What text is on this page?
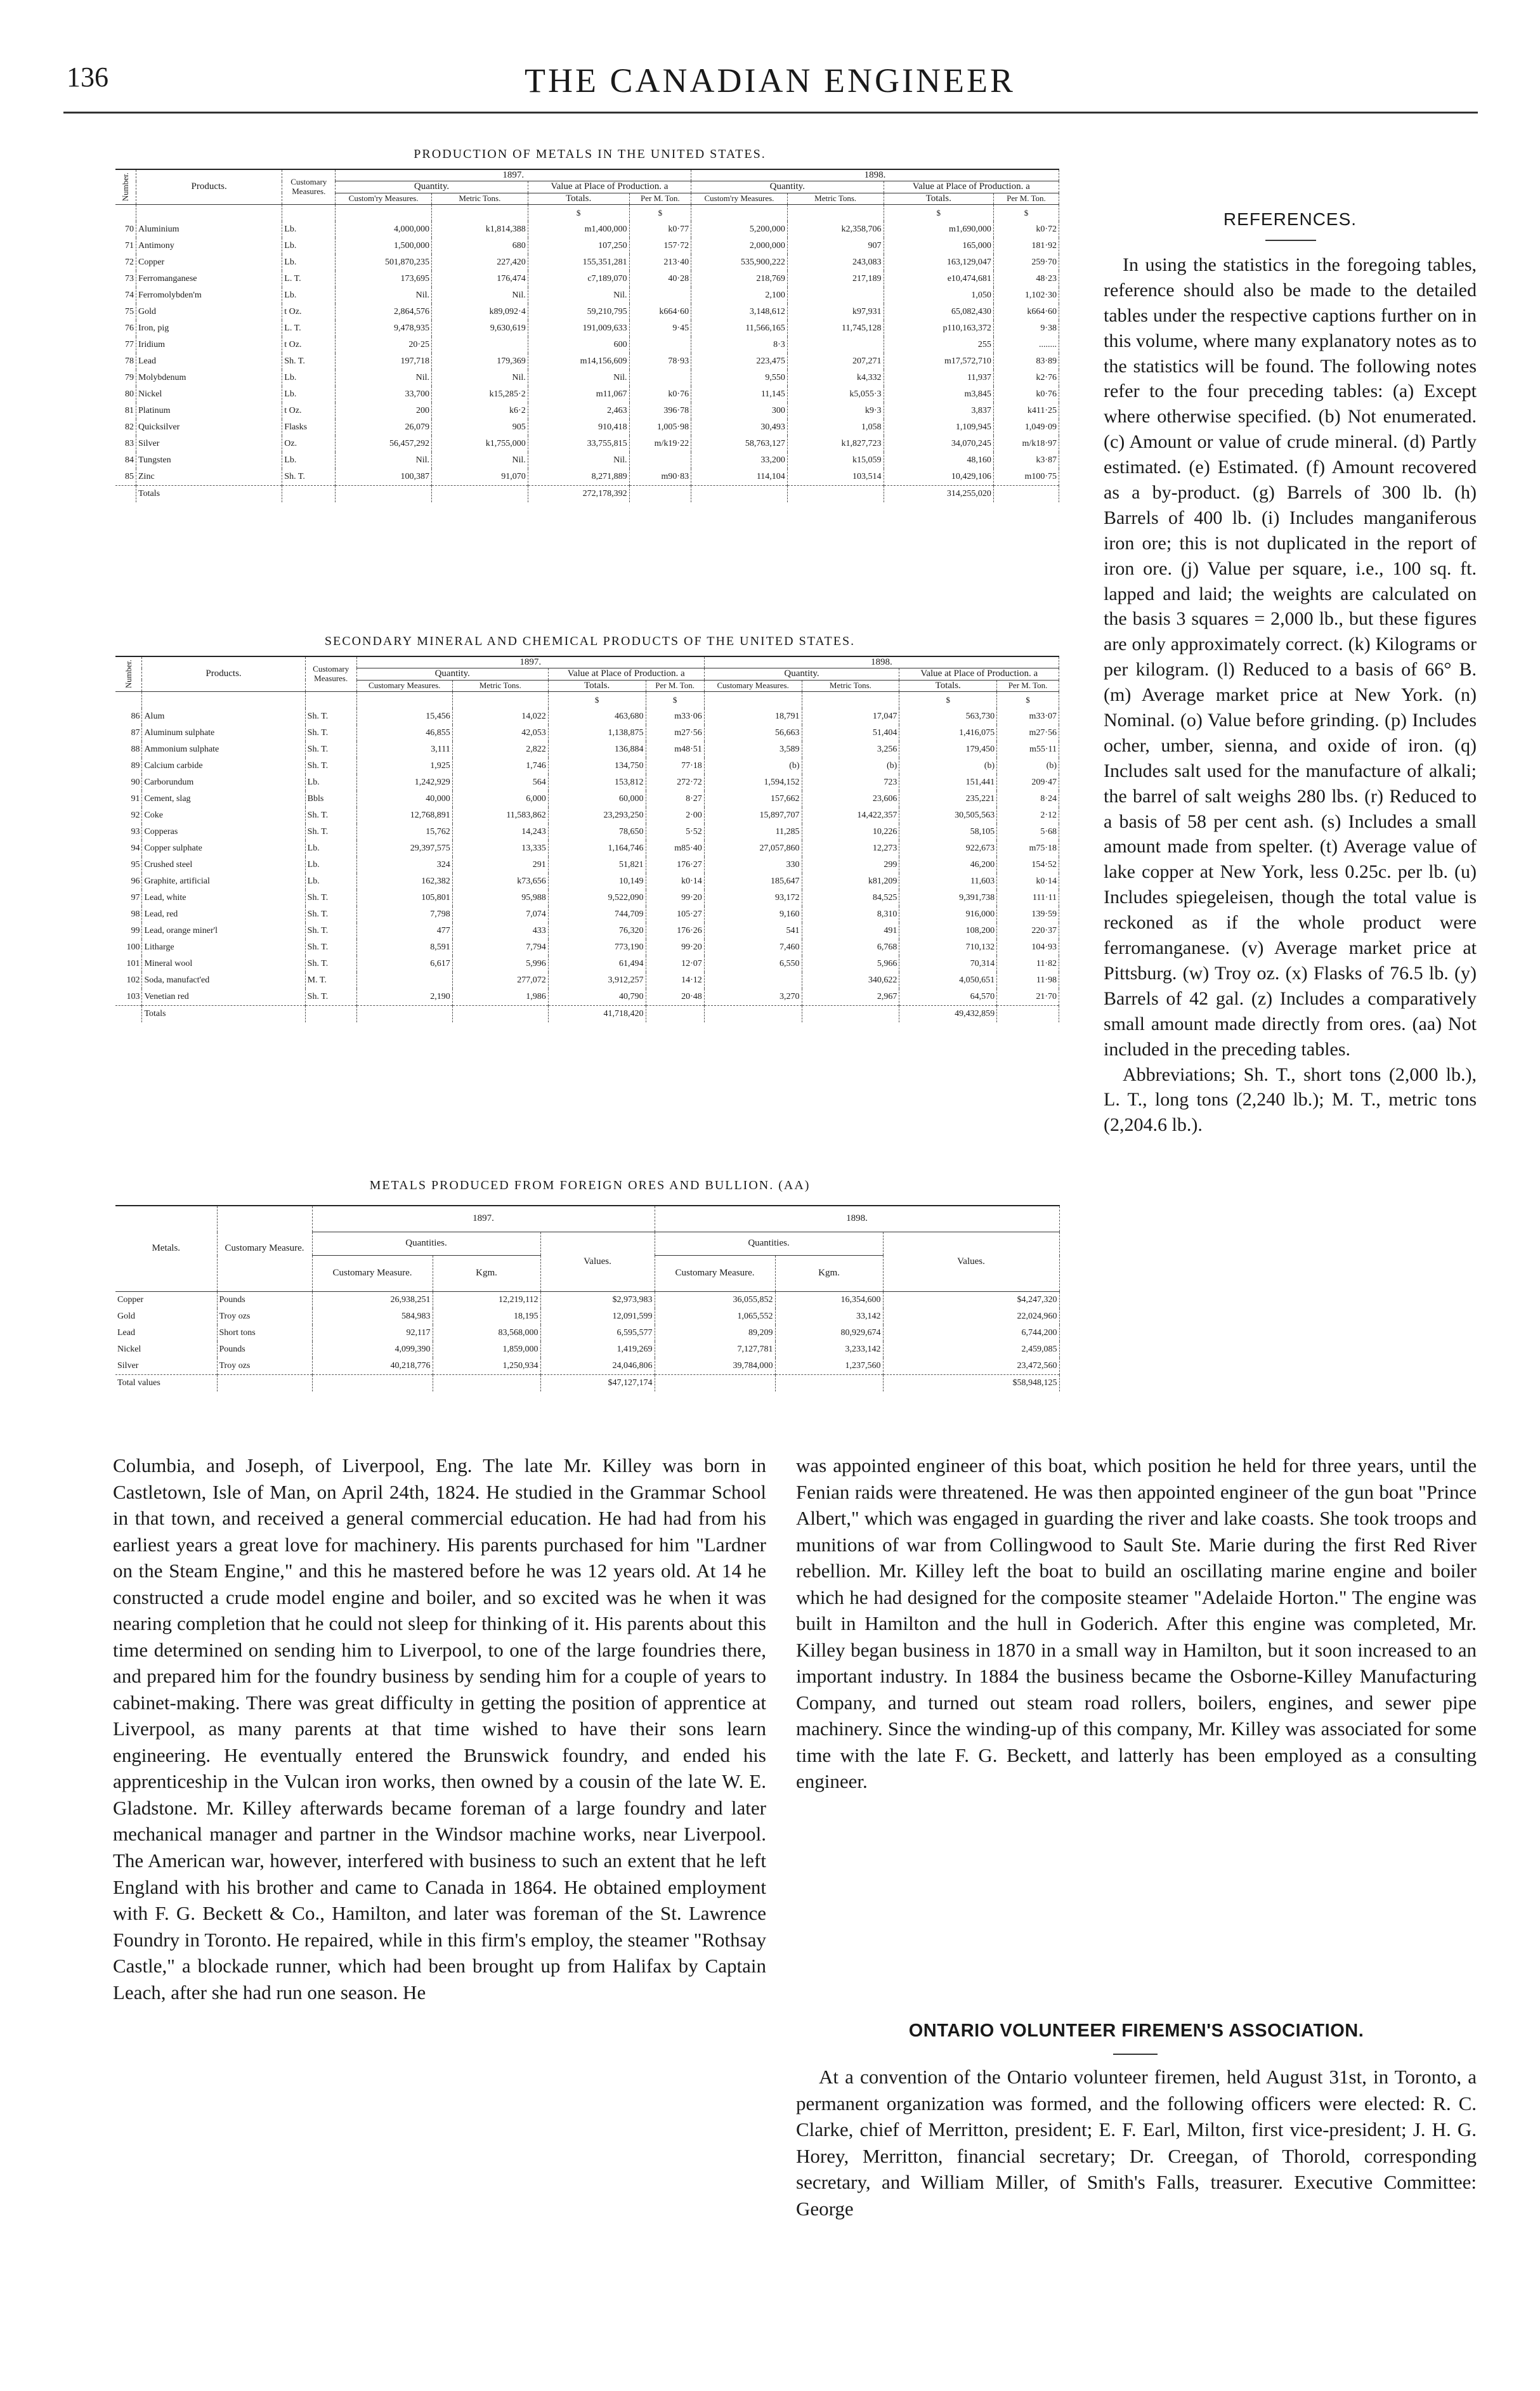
136	THE CANADIAN ENGINEER
PRODUCTION OF METALS IN THE UNITED STATES.
Number.	Products.	Customary Measures.	1897.				1898.			
			Quantity.		Value at Place of Production. a		Quantity.		Value at Place of Production. a	
			Custom'ry Measures.	Metric Tons.	Totals.	Per M. Ton.	Custom'ry Measures.	Metric Tons.	Totals.	Per M. Ton.
					$	$			$	$
70	Aluminium	Lb.	4,000,000	k1,814,388	m1,400,000	k0·77	5,200,000	k2,358,706	m1,690,000	k0·72
71	Antimony	Lb.	1,500,000	680	107,250	157·72	2,000,000	907	165,000	181·92
72	Copper	Lb.	501,870,235	227,420	155,351,281	213·40	535,900,222	243,083	163,129,047	259·70
73	Ferromanganese	L. T.	173,695	176,474	c7,189,070	40·28	218,769	217,189	e10,474,681	48·23
74	Ferromolybden'm	Lb.	Nil.	Nil.	Nil.		2,100		1,050	1,102·30
75	Gold	t Oz.	2,864,576	k89,092·4	59,210,795	k664·60	3,148,612	k97,931	65,082,430	k664·60
76	Iron, pig	L. T.	9,478,935	9,630,619	191,009,633	9·45	11,566,165	11,745,128	p110,163,372	9·38
77	Iridium	t Oz.	20·25		600		8·3		255	........
78	Lead	Sh. T.	197,718	179,369	m14,156,609	78·93	223,475	207,271	m17,572,710	83·89
79	Molybdenum	Lb.	Nil.	Nil.	Nil.		9,550	k4,332	11,937	k2·76
80	Nickel	Lb.	33,700	k15,285·2	m11,067	k0·76	11,145	k5,055·3	m3,845	k0·76
81	Platinum	t Oz.	200	k6·2	2,463	396·78	300	k9·3	3,837	k411·25
82	Quicksilver	Flasks	26,079	905	910,418	1,005·98	30,493	1,058	1,109,945	1,049·09
83	Silver	Oz.	56,457,292	k1,755,000	33,755,815	m/k19·22	58,763,127	k1,827,723	34,070,245	m/k18·97
84	Tungsten	Lb.	Nil.	Nil.	Nil.		33,200	k15,059	48,160	k3·87
85	Zinc	Sh. T.	100,387	91,070	8,271,889	m90·83	114,104	103,514	10,429,106	m100·75
	Totals				272,178,392				314,255,020	
SECONDARY MINERAL AND CHEMICAL PRODUCTS OF THE UNITED STATES.
Number.	Products.	Customary Measures.	1897.				1898.			
			Quantity.		Value at Place of Production. a		Quantity.		Value at Place of Production. a	
			Customary Measures.	Metric Tons.	Totals.	Per M. Ton.	Customary Measures.	Metric Tons.	Totals.	Per M. Ton.
					$	$			$	$
86	Alum	Sh. T.	15,456	14,022	463,680	m33·06	18,791	17,047	563,730	m33·07
87	Aluminum sulphate	Sh. T.	46,855	42,053	1,138,875	m27·56	56,663	51,404	1,416,075	m27·56
88	Ammonium sulphate	Sh. T.	3,111	2,822	136,884	m48·51	3,589	3,256	179,450	m55·11
89	Calcium carbide	Sh. T.	1,925	1,746	134,750	77·18	(b)	(b)	(b)	(b)
90	Carborundum	Lb.	1,242,929	564	153,812	272·72	1,594,152	723	151,441	209·47
91	Cement, slag	Bbls	40,000	6,000	60,000	8·27	157,662	23,606	235,221	8·24
92	Coke	Sh. T.	12,768,891	11,583,862	23,293,250	2·00	15,897,707	14,422,357	30,505,563	2·12
93	Copperas	Sh. T.	15,762	14,243	78,650	5·52	11,285	10,226	58,105	5·68
94	Copper sulphate	Lb.	29,397,575	13,335	1,164,746	m85·40	27,057,860	12,273	922,673	m75·18
95	Crushed steel	Lb.	324	291	51,821	176·27	330	299	46,200	154·52
96	Graphite, artificial	Lb.	162,382	k73,656	10,149	k0·14	185,647	k81,209	11,603	k0·14
97	Lead, white	Sh. T.	105,801	95,988	9,522,090	99·20	93,172	84,525	9,391,738	111·11
98	Lead, red	Sh. T.	7,798	7,074	744,709	105·27	9,160	8,310	916,000	139·59
99	Lead, orange miner'l	Sh. T.	477	433	76,320	176·26	541	491	108,200	220·37
100	Litharge	Sh. T.	8,591	7,794	773,190	99·20	7,460	6,768	710,132	104·93
101	Mineral wool	Sh. T.	6,617	5,996	61,494	12·07	6,550	5,966	70,314	11·82
102	Soda, manufact'ed	M. T.		277,072	3,912,257	14·12		340,622	4,050,651	11·98
103	Venetian red	Sh. T.	2,190	1,986	40,790	20·48	3,270	2,967	64,570	21·70
	Totals				41,718,420				49,432,859	
METALS PRODUCED FROM FOREIGN ORES AND BULLION. (AA)
Metals.	Customary Measure.	1897.			1898.		
		Quantities.		Values.	Quantities.		Values.
		Customary Measure.	Kgm.		Customary Measure.	Kgm.	
Copper	Pounds	26,938,251	12,219,112	$2,973,983	36,055,852	16,354,600	$4,247,320
Gold	Troy ozs	584,983	18,195	12,091,599	1,065,552	33,142	22,024,960
Lead	Short tons	92,117	83,568,000	6,595,577	89,209	80,929,674	6,744,200
Nickel	Pounds	4,099,390	1,859,000	1,419,269	7,127,781	3,233,142	2,459,085
Silver	Troy ozs	40,218,776	1,250,934	24,046,806	39,784,000	1,237,560	23,472,560
Total values				$47,127,174			$58,948,125
REFERENCES.

In using the statistics in the foregoing tables, reference should also be made to the detailed tables under the respective captions further on in this volume, where many explanatory notes as to the statistics will be found. The following notes refer to the four preceding tables: (a) Except where otherwise specified. (b) Not enumerated. (c) Amount or value of crude mineral. (d) Partly estimated. (e) Estimated. (f) Amount recovered as a by-product. (g) Barrels of 300 lb. (h) Barrels of 400 lb. (i) Includes manganiferous iron ore; this is not duplicated in the report of iron ore. (j) Value per square, i.e., 100 sq. ft. lapped and laid; the weights are calculated on the basis 3 squares = 2,000 lb., but these figures are only approximately correct. (k) Kilograms or per kilogram. (l) Reduced to a basis of 66° B. (m) Average market price at New York. (n) Nominal. (o) Value before grinding. (p) Includes ocher, umber, sienna, and oxide of iron. (q) Includes salt used for the manufacture of alkali; the barrel of salt weighs 280 lbs. (r) Reduced to a basis of 58 per cent ash. (s) Includes a small amount made from spelter. (t) Average value of lake copper at New York, less 0.25c. per lb. (u) Includes spiegeleisen, though the total value is reckoned as if the whole product were ferromanganese. (v) Average market price at Pittsburg. (w) Troy oz. (x) Flasks of 76.5 lb. (y) Barrels of 42 gal. (z) Includes a comparatively small amount made directly from ores. (aa) Not included in the preceding tables.

Abbreviations; Sh. T., short tons (2,000 lb.), L. T., long tons (2,240 lb.); M. T., metric tons (2,204.6 lb.).

Columbia, and Joseph, of Liverpool, Eng. The late Mr. Killey was born in Castletown, Isle of Man, on April 24th, 1824. He studied in the Grammar School in that town, and received a general commercial education. He had had from his earliest years a great love for machinery. His parents purchased for him "Lardner on the Steam Engine," and this he mastered before he was 12 years old. At 14 he constructed a crude model engine and boiler, and so excited was he when it was nearing completion that he could not sleep for thinking of it. His parents about this time determined on sending him to Liverpool, to one of the large foundries there, and prepared him for the foundry business by sending him for a couple of years to cabinet-making. There was great difficulty in getting the position of apprentice at Liverpool, as many parents at that time wished to have their sons learn engineering. He eventually entered the Brunswick foundry, and ended his apprenticeship in the Vulcan iron works, then owned by a cousin of the late W. E. Gladstone. Mr. Killey afterwards became foreman of a large foundry and later mechanical manager and partner in the Windsor machine works, near Liverpool. The American war, however, interfered with business to such an extent that he left England with his brother and came to Canada in 1864. He obtained employment with F. G. Beckett & Co., Hamilton, and later was foreman of the St. Lawrence Foundry in Toronto. He repaired, while in this firm's employ, the steamer "Rothsay Castle," a blockade runner, which had been brought up from Halifax by Captain Leach, after she had run one season. He
was appointed engineer of this boat, which position he held for three years, until the Fenian raids were threatened. He was then appointed engineer of the gun boat "Prince Albert," which was engaged in guarding the river and lake coasts. She took troops and munitions of war from Collingwood to Sault Ste. Marie during the first Red River rebellion. Mr. Killey left the boat to build an oscillating marine engine and boiler which he had designed for the composite steamer "Adelaide Horton." The engine was built in Hamilton and the hull in Goderich. After this engine was completed, Mr. Killey began business in 1870 in a small way in Hamilton, but it soon increased to an important industry. In 1884 the business became the Osborne-Killey Manufacturing Company, and turned out steam road rollers, boilers, engines, and sewer pipe machinery. Since the winding-up of this company, Mr. Killey was associated for some time with the late F. G. Beckett, and latterly has been employed as a consulting engineer.
ONTARIO VOLUNTEER FIREMEN'S ASSOCIATION.
At a convention of the Ontario volunteer firemen, held August 31st, in Toronto, a permanent organization was formed, and the following officers were elected: R. C. Clarke, chief of Merritton, president; E. F. Earl, Milton, first vice-president; J. H. G. Horey, Merritton, financial secretary; Dr. Creegan, of Thorold, corresponding secretary, and William Miller, of Smith's Falls, treasurer. Executive Committee: George
